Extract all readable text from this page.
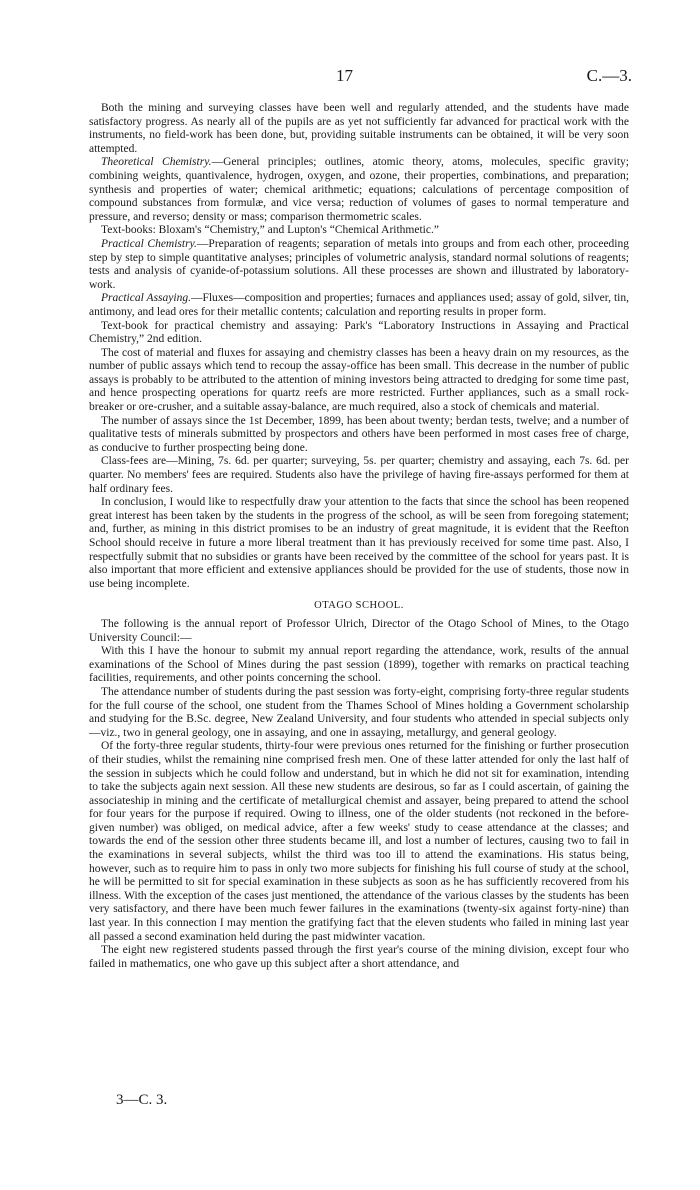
17	C.—3.

Both the mining and surveying classes have been well and regularly attended, and the students have made satisfactory progress. As nearly all of the pupils are as yet not sufficiently far advanced for practical work with the instruments, no field-work has been done, but, providing suitable instruments can be obtained, it will be very soon attempted.

Theoretical Chemistry.—General principles; outlines, atomic theory, atoms, molecules, specific gravity; combining weights, quantivalence, hydrogen, oxygen, and ozone, their properties, combinations, and preparation; synthesis and properties of water; chemical arithmetic; equations; calculations of percentage composition of compound substances from formulæ, and vice versa; reduction of volumes of gases to normal temperature and pressure, and reverso; density or mass; comparison thermometric scales.

Text-books: Bloxam's “Chemistry,” and Lupton's “Chemical Arithmetic.”

Practical Chemistry.—Preparation of reagents; separation of metals into groups and from each other, proceeding step by step to simple quantitative analyses; principles of volumetric analysis, standard normal solutions of reagents; tests and analysis of cyanide-of-potassium solutions. All these processes are shown and illustrated by laboratory-work.

Practical Assaying.—Fluxes—composition and properties; furnaces and appliances used; assay of gold, silver, tin, antimony, and lead ores for their metallic contents; calculation and reporting results in proper form.

Text-book for practical chemistry and assaying: Park's “Laboratory Instructions in Assaying and Practical Chemistry,” 2nd edition.

The cost of material and fluxes for assaying and chemistry classes has been a heavy drain on my resources, as the number of public assays which tend to recoup the assay-office has been small. This decrease in the number of public assays is probably to be attributed to the attention of mining investors being attracted to dredging for some time past, and hence prospecting operations for quartz reefs are more restricted. Further appliances, such as a small rock-breaker or ore-crusher, and a suitable assay-balance, are much required, also a stock of chemicals and material.

The number of assays since the 1st December, 1899, has been about twenty; berdan tests, twelve; and a number of qualitative tests of minerals submitted by prospectors and others have been performed in most cases free of charge, as conducive to further prospecting being done.

Class-fees are—Mining, 7s. 6d. per quarter; surveying, 5s. per quarter; chemistry and assaying, each 7s. 6d. per quarter. No members' fees are required. Students also have the privilege of having fire-assays performed for them at half ordinary fees.

In conclusion, I would like to respectfully draw your attention to the facts that since the school has been reopened great interest has been taken by the students in the progress of the school, as will be seen from foregoing statement; and, further, as mining in this district promises to be an industry of great magnitude, it is evident that the Reefton School should receive in future a more liberal treatment than it has previously received for some time past. Also, I respectfully submit that no subsidies or grants have been received by the committee of the school for years past. It is also important that more efficient and extensive appliances should be provided for the use of students, those now in use being incomplete.

OTAGO SCHOOL.

The following is the annual report of Professor Ulrich, Director of the Otago School of Mines, to the Otago University Council:—

With this I have the honour to submit my annual report regarding the attendance, work, results of the annual examinations of the School of Mines during the past session (1899), together with remarks on practical teaching facilities, requirements, and other points concerning the school.

The attendance number of students during the past session was forty-eight, comprising forty-three regular students for the full course of the school, one student from the Thames School of Mines holding a Government scholarship and studying for the B.Sc. degree, New Zealand University, and four students who attended in special subjects only—viz., two in general geology, one in assaying, and one in assaying, metallurgy, and general geology.

Of the forty-three regular students, thirty-four were previous ones returned for the finishing or further prosecution of their studies, whilst the remaining nine comprised fresh men. One of these latter attended for only the last half of the session in subjects which he could follow and understand, but in which he did not sit for examination, intending to take the subjects again next session. All these new students are desirous, so far as I could ascertain, of gaining the associateship in mining and the certificate of metallurgical chemist and assayer, being prepared to attend the school for four years for the purpose if required. Owing to illness, one of the older students (not reckoned in the before-given number) was obliged, on medical advice, after a few weeks' study to cease attendance at the classes; and towards the end of the session other three students became ill, and lost a number of lectures, causing two to fail in the examinations in several subjects, whilst the third was too ill to attend the examinations. His status being, however, such as to require him to pass in only two more subjects for finishing his full course of study at the school, he will be permitted to sit for special examination in these subjects as soon as he has sufficiently recovered from his illness. With the exception of the cases just mentioned, the attendance of the various classes by the students has been very satisfactory, and there have been much fewer failures in the examinations (twenty-six against forty-nine) than last year. In this connection I may mention the gratifying fact that the eleven students who failed in mining last year all passed a second examination held during the past midwinter vacation.

The eight new registered students passed through the first year's course of the mining division, except four who failed in mathematics, one who gave up this subject after a short attendance, and

3—C. 3.
